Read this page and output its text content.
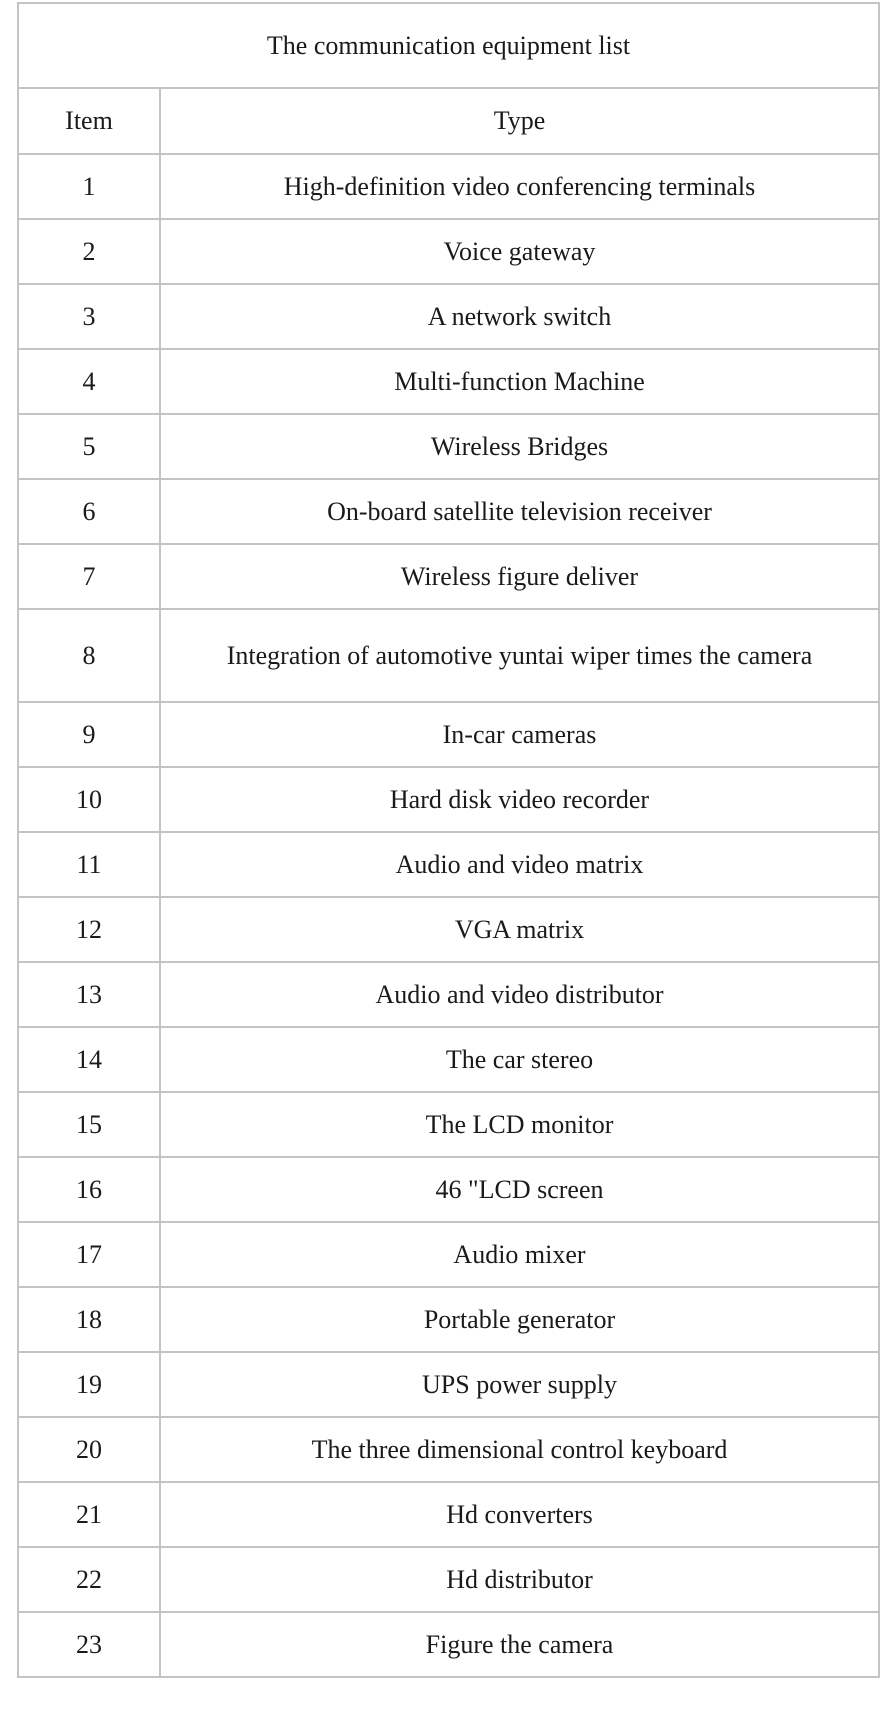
The communication equipment list	
Item	Type
1	High-definition video conferencing terminals
2	Voice gateway
3	A network switch
4	Multi-function Machine
5	Wireless Bridges
6	On-board satellite television receiver
7	Wireless figure deliver
8	Integration of automotive yuntai wiper times the camera
9	In-car cameras
10	Hard disk video recorder
11	Audio and video matrix
12	VGA matrix
13	Audio and video distributor
14	The car stereo
15	The LCD monitor
16	46 "LCD screen
17	Audio mixer
18	Portable generator
19	UPS power supply
20	The three dimensional control keyboard
21	Hd converters
22	Hd distributor
23	Figure the camera
